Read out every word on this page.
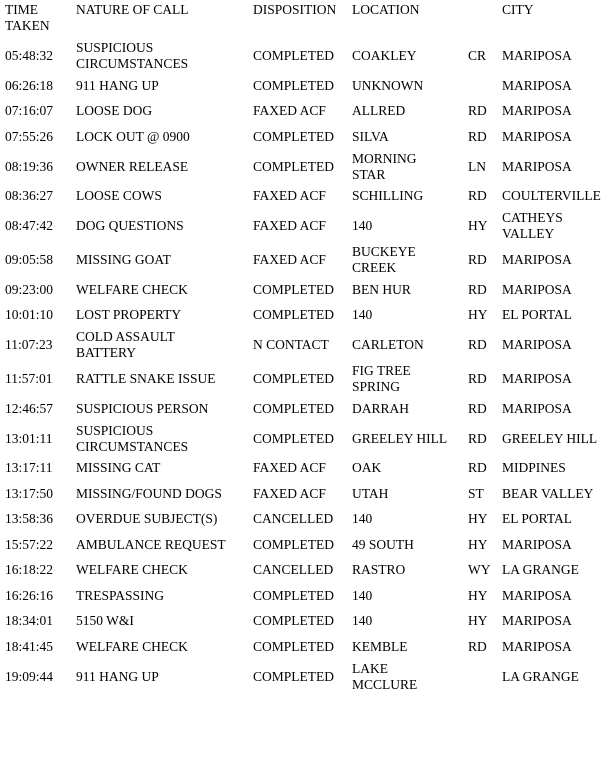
TIME
TAKEN	NATURE OF CALL	DISPOSITION	LOCATION		CITY
05:48:32	SUSPICIOUS
CIRCUMSTANCES	COMPLETED	COAKLEY	CR	MARIPOSA
06:26:18	911 HANG UP	COMPLETED	UNKNOWN		MARIPOSA
07:16:07	LOOSE DOG	FAXED ACF	ALLRED	RD	MARIPOSA
07:55:26	LOCK OUT @ 0900	COMPLETED	SILVA	RD	MARIPOSA
08:19:36	OWNER RELEASE	COMPLETED	MORNING
STAR	LN	MARIPOSA
08:36:27	LOOSE COWS	FAXED ACF	SCHILLING	RD	COULTERVILLE
08:47:42	DOG QUESTIONS	FAXED ACF	140	HY	CATHEYS
VALLEY
09:05:58	MISSING GOAT	FAXED ACF	BUCKEYE
CREEK	RD	MARIPOSA
09:23:00	WELFARE CHECK	COMPLETED	BEN HUR	RD	MARIPOSA
10:01:10	LOST PROPERTY	COMPLETED	140	HY	EL PORTAL
11:07:23	COLD ASSAULT
BATTERY	N CONTACT	CARLETON	RD	MARIPOSA
11:57:01	RATTLE SNAKE ISSUE	COMPLETED	FIG TREE
SPRING	RD	MARIPOSA
12:46:57	SUSPICIOUS PERSON	COMPLETED	DARRAH	RD	MARIPOSA
13:01:11	SUSPICIOUS
CIRCUMSTANCES	COMPLETED	GREELEY HILL	RD	GREELEY HILL
13:17:11	MISSING CAT	FAXED ACF	OAK	RD	MIDPINES
13:17:50	MISSING/FOUND DOGS	FAXED ACF	UTAH	ST	BEAR VALLEY
13:58:36	OVERDUE SUBJECT(S)	CANCELLED	140	HY	EL PORTAL
15:57:22	AMBULANCE REQUEST	COMPLETED	49 SOUTH	HY	MARIPOSA
16:18:22	WELFARE CHECK	CANCELLED	RASTRO	WY	LA GRANGE
16:26:16	TRESPASSING	COMPLETED	140	HY	MARIPOSA
18:34:01	5150 W&I	COMPLETED	140	HY	MARIPOSA
18:41:45	WELFARE CHECK	COMPLETED	KEMBLE	RD	MARIPOSA
19:09:44	911 HANG UP	COMPLETED	LAKE
MCCLURE		LA GRANGE
